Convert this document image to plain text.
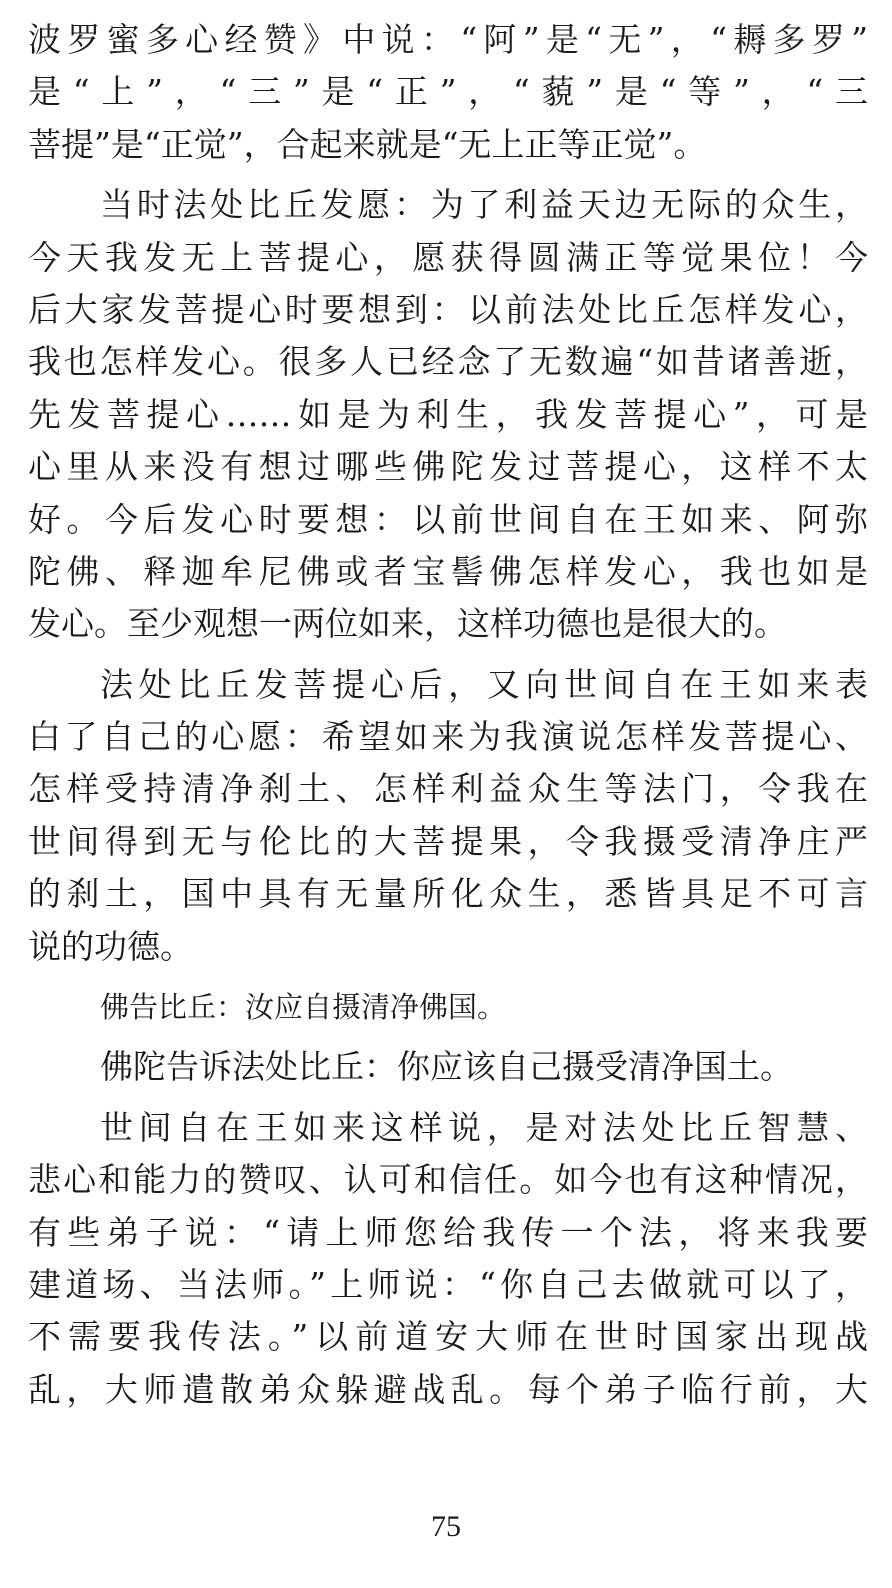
波罗蜜多心经赞》中说：“阿”是“无”，“耨多罗”
是“上”，“三”是“正”，“藐”是“等”，“三
菩提”是“正觉”，合起来就是“无上正等正觉”。
当时法处比丘发愿：为了利益天边无际的众生，
今天我发无上菩提心，愿获得圆满正等觉果位！今
后大家发菩提心时要想到：以前法处比丘怎样发心，
我也怎样发心。很多人已经念了无数遍“如昔诸善逝，
先发菩提心……如是为利生，我发菩提心”，可是
心里从来没有想过哪些佛陀发过菩提心，这样不太
好。今后发心时要想：以前世间自在王如来、阿弥
陀佛、释迦牟尼佛或者宝髻佛怎样发心，我也如是
发心。至少观想一两位如来，这样功德也是很大的。
法处比丘发菩提心后，又向世间自在王如来表
白了自己的心愿：希望如来为我演说怎样发菩提心、
怎样受持清净刹土、怎样利益众生等法门，令我在
世间得到无与伦比的大菩提果，令我摄受清净庄严
的刹土，国中具有无量所化众生，悉皆具足不可言
说的功德。
佛告比丘：汝应自摄清净佛国。
佛陀告诉法处比丘：你应该自己摄受清净国土。
世间自在王如来这样说，是对法处比丘智慧、
悲心和能力的赞叹、认可和信任。如今也有这种情况，
有些弟子说：“请上师您给我传一个法，将来我要
建道场、当法师。”上师说：“你自己去做就可以了，
不需要我传法。”以前道安大师在世时国家出现战
乱，大师遣散弟众躲避战乱。每个弟子临行前，大
75
